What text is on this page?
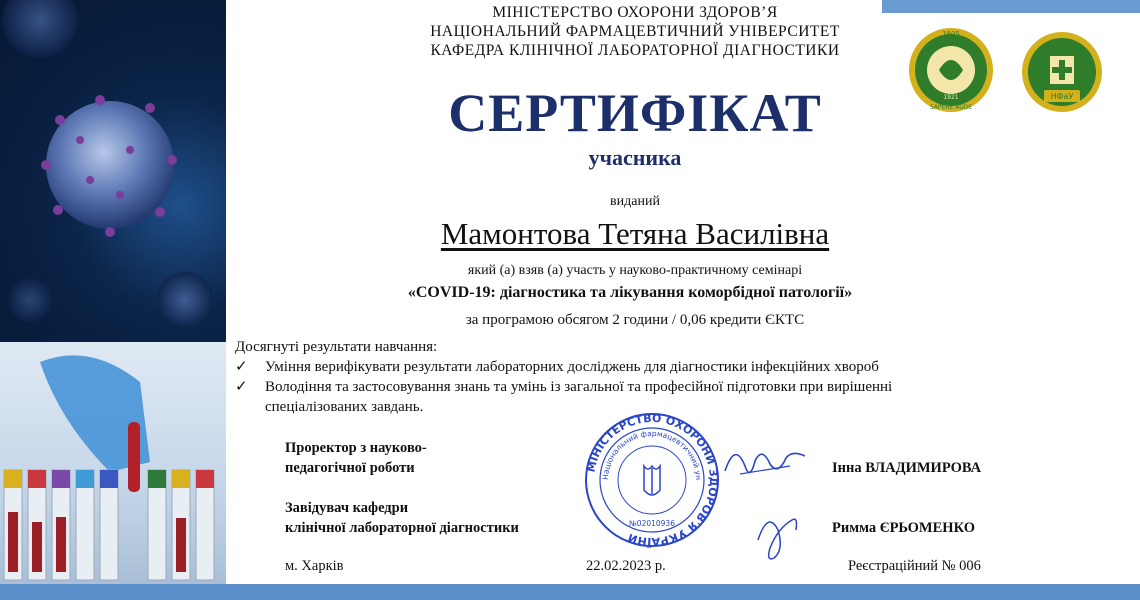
МІНІСТЕРСТВО ОХОРОНИ ЗДОРОВ’Я
НАЦІОНАЛЬНИЙ ФАРМАЦЕВТИЧНИЙ УНІВЕРСИТЕТ
КАФЕДРА КЛІНІЧНОЇ ЛАБОРАТОРНОЇ ДІАГНОСТИКИ
1805
1921
SAPERE AUDE
НФаУ
СЕРТИФІКАТ
учасника
виданий
Мамонтова Тетяна Василівна
який (а) взяв (а) участь у науково-практичному семінарі
«COVID-19: діагностика та лікування коморбідної патології»
за програмою обсягом 2 години / 0,06 кредити ЄКТС
Досягнуті результати навчання:
✓ Уміння верифікувати результати лабораторних досліджень для діагностики інфекційних хвороб
✓ Володіння та застосовування знань та умінь із загальної та професійної підготовки при вирішенні
спеціалізованих завдань.
Проректор з науково-
педагогічної роботи	Інна ВЛАДИМИРОВА
Завідувач кафедри
клінічної лабораторної діагностики	Римма ЄРЬОМЕНКО
МІНІСТЕРСТВО ОХОРОНИ ЗДОРОВ'Я УКРАЇНИ
Національний фармацевтичний ун
№02010936
м. Харків	22.02.2023 р.	Реєстраційний № 006
